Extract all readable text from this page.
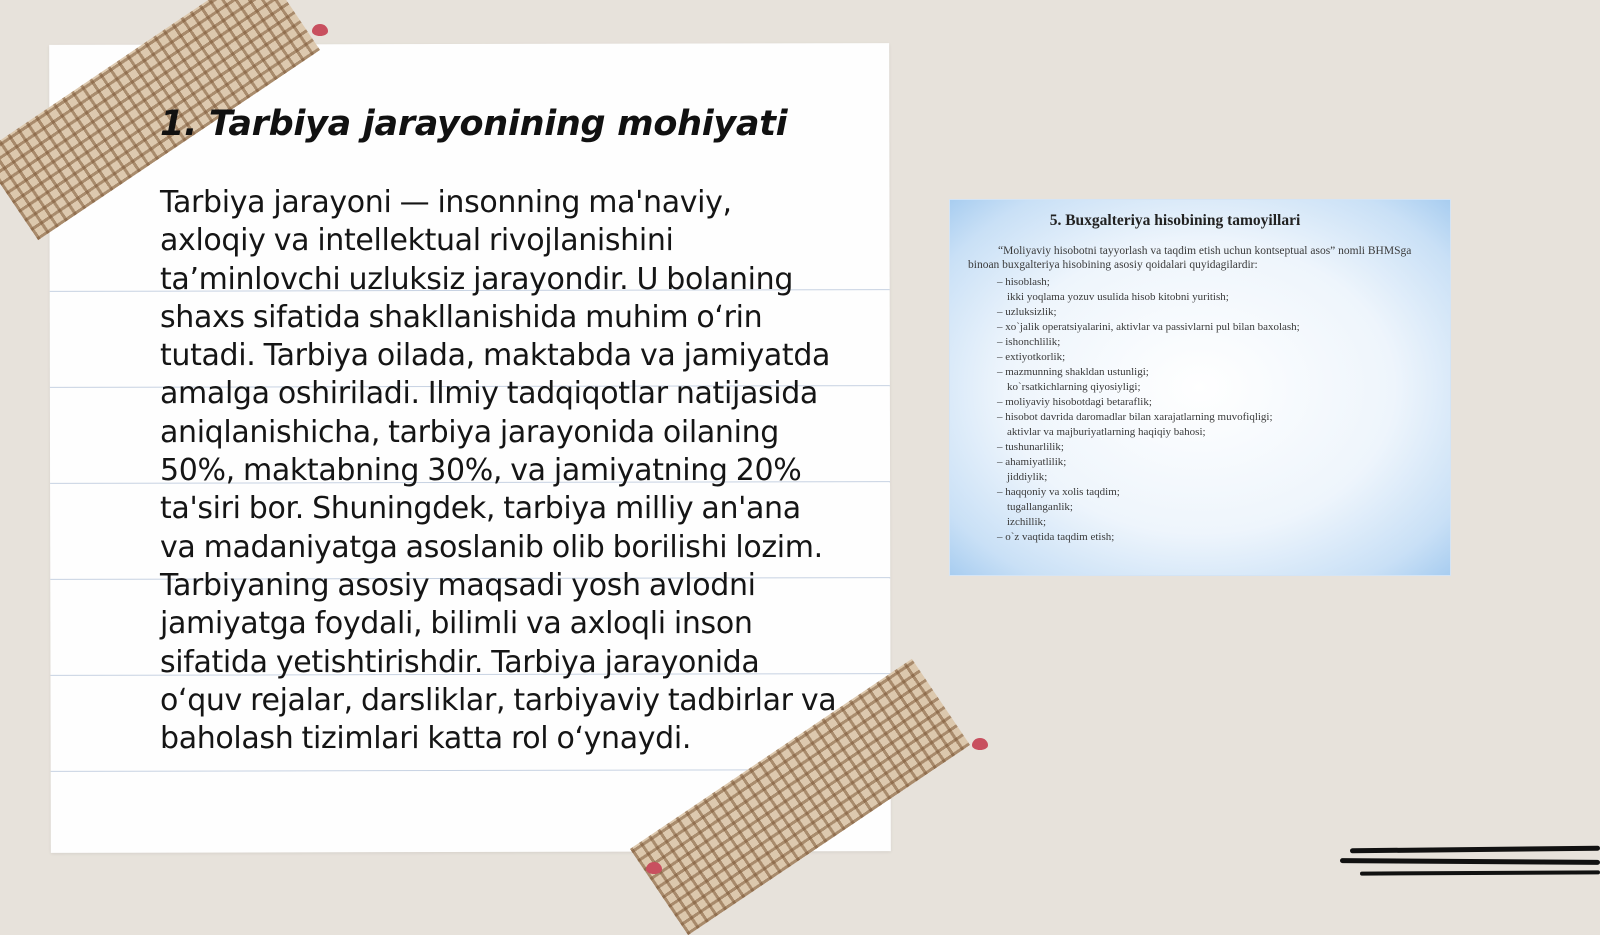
1. Tarbiya jarayonining mohiyati

Tarbiya jarayoni — insonning ma'naviy, axloqiy va intellektual rivojlanishini ta’minlovchi uzluksiz jarayondir. U bolaning shaxs sifatida shakllanishida muhim o‘rin tutadi. Tarbiya oilada, maktabda va jamiyatda amalga oshiriladi. Ilmiy tadqiqotlar natijasida aniqlanishicha, tarbiya jarayonida oilaning 50%, maktabning 30%, va jamiyatning 20% ta'siri bor. Shuningdek, tarbiya milliy an'ana va madaniyatga asoslanib olib borilishi lozim. Tarbiyaning asosiy maqsadi yosh avlodni jamiyatga foydali, bilimli va axloqli inson sifatida yetishtirishdir. Tarbiya jarayonida o‘quv rejalar, darsliklar, tarbiyaviy tadbirlar va baholash tizimlari katta rol o‘ynaydi.

5. Buxgalteriya hisobining tamoyillari

“Moliyaviy hisobotni tayyorlash va taqdim etish uchun kontseptual asos” nomli BHMSga binoan buxgalteriya hisobining asosiy qoidalari quyidagilardir:

– hisoblash;
ikki yoqlama yozuv usulida hisob kitobni yuritish;
– uzluksizlik;
– xo`jalik operatsiyalarini, aktivlar va passivlarni pul bilan baxolash;
– ishonchlilik;
– extiyotkorlik;
– mazmunning shakldan ustunligi;
ko`rsatkichlarning qiyosiyligi;
– moliyaviy hisobotdagi betaraflik;
– hisobot davrida daromadlar bilan xarajatlarning muvofiqligi;
aktivlar va majburiyatlarning haqiqiy bahosi;
– tushunarlilik;
– ahamiyatlilik;
jiddiylik;
– haqqoniy va xolis taqdim;
tugallanganlik;
izchillik;
– o`z vaqtida taqdim etish;
